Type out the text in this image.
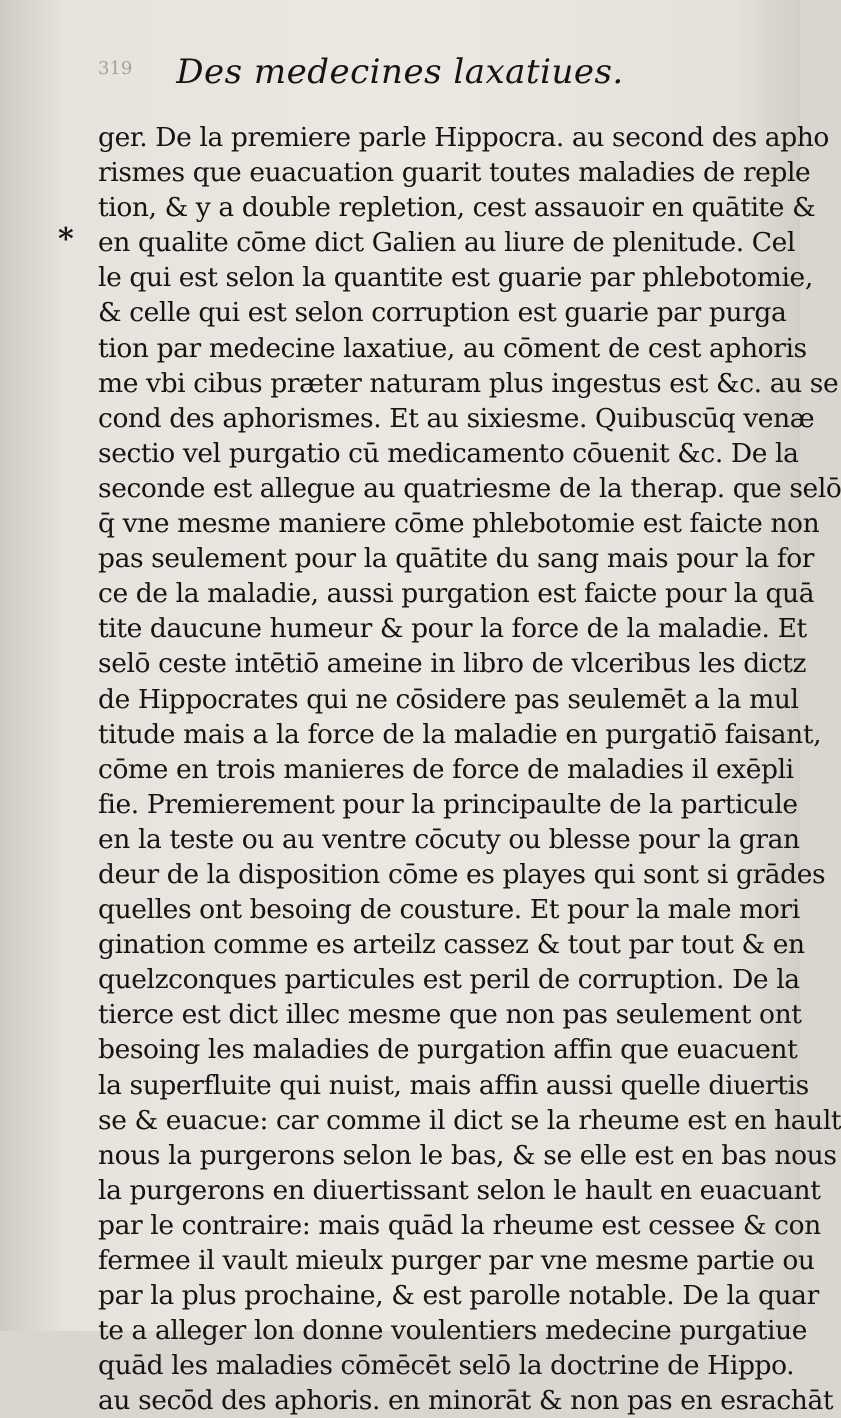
319	Des medecines laxatiues.
*
ger. De la premiere parle Hippocra. au second des apho
rismes que euacuation guarit toutes maladies de reple
tion, & y a double repletion, cest assauoir en quātite &
en qualite cōme dict Galien au liure de plenitude. Cel
le qui est selon la quantite est guarie par phlebotomie,
& celle qui est selon corruption est guarie par purga
tion par medecine laxatiue, au cōment de cest aphoris
me vbi cibus præter naturam plus ingestus est &c. au se
cond des aphorismes. Et au sixiesme. Quibuscūq venæ
sectio vel purgatio cū medicamento cōuenit &c. De la
seconde est allegue au quatriesme de la therap. que selō
q̄ vne mesme maniere cōme phlebotomie est faicte non
pas seulement pour la quātite du sang mais pour la for
ce de la maladie, aussi purgation est faicte pour la quā
tite daucune humeur & pour la force de la maladie. Et
selō ceste intētiō ameine in libro de vlceribus les dictz
de Hippocrates qui ne cōsidere pas seulemēt a la mul
titude mais a la force de la maladie en purgatiō faisant,
cōme en trois manieres de force de maladies il exēpli
fie. Premierement pour la principaulte de la particule
en la teste ou au ventre cōcuty ou blesse pour la gran
deur de la disposition cōme es playes qui sont si grādes
quelles ont besoing de cousture. Et pour la male mori
gination comme es arteilz cassez & tout par tout & en
quelzconques particules est peril de corruption. De la
tierce est dict illec mesme que non pas seulement ont
besoing les maladies de purgation affin que euacuent
la superfluite qui nuist, mais affin aussi quelle diuertis
se & euacue: car comme il dict se la rheume est en hault
nous la purgerons selon le bas, & se elle est en bas nous
la purgerons en diuertissant selon le hault en euacuant
par le contraire: mais quād la rheume est cessee & con
fermee il vault mieulx purger par vne mesme partie ou
par la plus prochaine, & est parolle notable. De la quar
te a alleger lon donne voulentiers medecine purgatiue
quād les maladies cōmēcēt selō la doctrine de Hippo.
au secōd des aphoris. en minorāt & non pas en esrachāt
